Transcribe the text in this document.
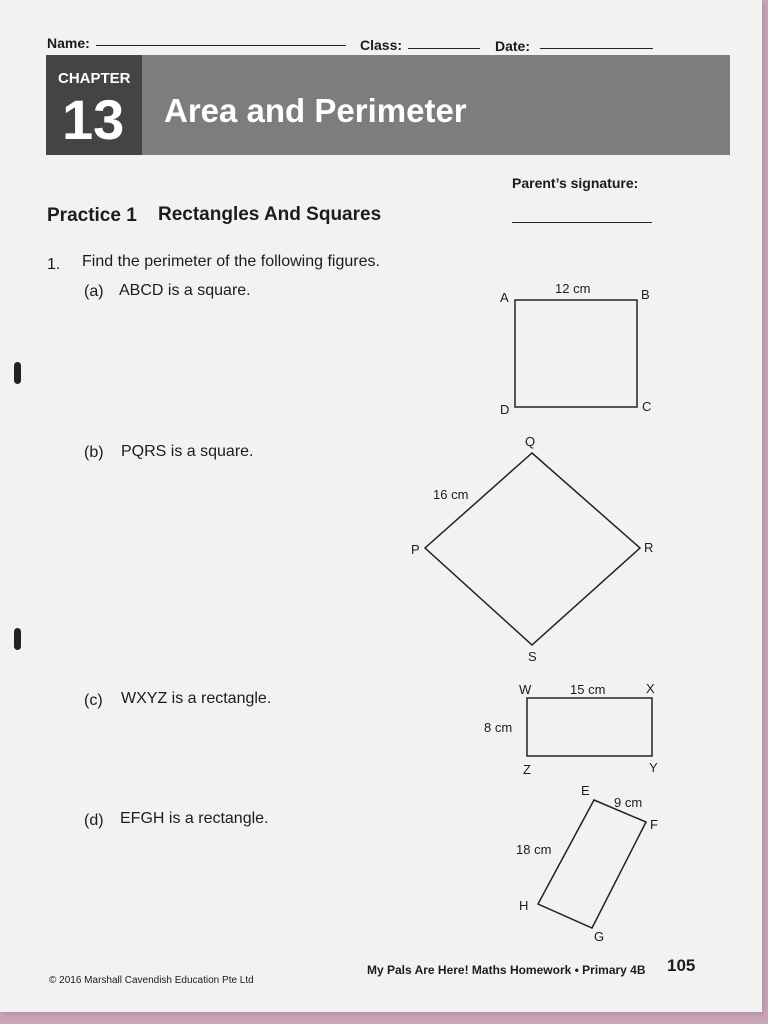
Name:	Class:	Date:
CHAPTER
13 Area and Perimeter
Parent’s signature:
Practice 1 Rectangles And Squares
1. Find the perimeter of the following figures.
(a) ABCD is a square.
(b) PQRS is a square.
(c) WXYZ is a rectangle.
(d) EFGH is a rectangle.
A	B
C
D
12 cm
P
Q
R
S
16 cm
W	X
Y
Z
15 cm
8 cm
E
F
G
H
9 cm
18 cm
© 2016 Marshall Cavendish Education Pte Ltd
My Pals Are Here! Maths Homework • Primary 4B 105
